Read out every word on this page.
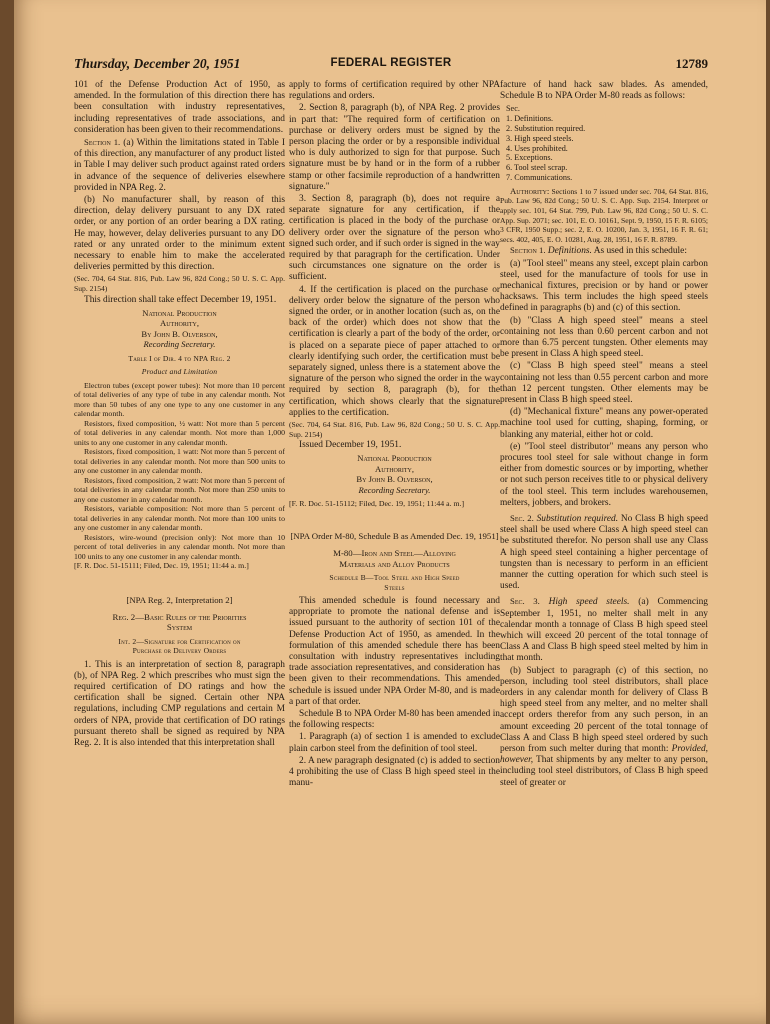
Thursday, December 20, 1951	FEDERAL REGISTER	12789

101 of the Defense Production Act of 1950, as amended. In the formulation of this direction there has been consultation with industry representatives, including representatives of trade associations, and consideration has been given to their recommendations.

Section 1. (a) Within the limitations stated in Table I of this direction, any manufacturer of any product listed in Table I may deliver such product against rated orders in advance of the sequence of deliveries elsewhere provided in NPA Reg. 2.

(b) No manufacturer shall, by reason of this direction, delay delivery pursuant to any DX rated order, or any portion of an order bearing a DX rating. He may, however, delay deliveries pursuant to any DO rated or any unrated order to the minimum extent necessary to enable him to make the accelerated deliveries permitted by this direction.

(Sec. 704, 64 Stat. 816, Pub. Law 96, 82d Cong.; 50 U. S. C. App. Sup. 2154)

This direction shall take effect December 19, 1951.

National Production
Authority,
By John B. Olverson,
Recording Secretary.
Table I of Dir. 4 to NPA Reg. 2
Product and Limitation

Electron tubes (except power tubes): Not more than 10 percent of total deliveries of any type of tube in any calendar month. Not more than 50 tubes of any one type to any one customer in any calendar month.

Resistors, fixed composition, ½ watt: Not more than 5 percent of total deliveries in any calendar month. Not more than 1,000 units to any one customer in any calendar month.

Resistors, fixed composition, 1 watt: Not more than 5 percent of total deliveries in any calendar month. Not more than 500 units to any one customer in any calendar month.

Resistors, fixed composition, 2 watt: Not more than 5 percent of total deliveries in any calendar month. Not more than 250 units to any one customer in any calendar month.

Resistors, variable composition: Not more than 5 percent of total deliveries in any calendar month. Not more than 100 units to any one customer in any calendar month.

Resistors, wire-wound (precision only): Not more than 10 percent of total deliveries in any calendar month. Not more than 100 units to any one customer in any calendar month.

[F. R. Doc. 51-15111; Filed, Dec. 19, 1951; 11:44 a. m.]

[NPA Reg. 2, Interpretation 2]
Reg. 2—Basic Rules of the Priorities
System
Int. 2—Signature for Certification on
Purchase or Delivery Orders

1. This is an interpretation of section 8, paragraph (b), of NPA Reg. 2 which prescribes who must sign the required certification of DO ratings and how the certification shall be signed. Certain other NPA regulations, including CMP regulations and certain M orders of NPA, provide that certification of DO ratings pursuant thereto shall be signed as required by NPA Reg. 2. It is also intended that this interpretation shall

apply to forms of certification required by other NPA regulations and orders.

2. Section 8, paragraph (b), of NPA Reg. 2 provides in part that: "The required form of certification on purchase or delivery orders must be signed by the person placing the order or by a responsible individual who is duly authorized to sign for that purpose. Such signature must be by hand or in the form of a rubber stamp or other facsimile reproduction of a handwritten signature."

3. Section 8, paragraph (b), does not require a separate signature for any certification, if the certification is placed in the body of the purchase or delivery order over the signature of the person who signed such order, and if such order is signed in the way required by that paragraph for the certification. Under such circumstances one signature on the order is sufficient.

4. If the certification is placed on the purchase or delivery order below the signature of the person who signed the order, or in another location (such as, on the back of the order) which does not show that the certification is clearly a part of the body of the order, or is placed on a separate piece of paper attached to or clearly identifying such order, the certification must be separately signed, unless there is a statement above the signature of the person who signed the order in the way required by section 8, paragraph (b), for the certification, which shows clearly that the signature applies to the certification.

(Sec. 704, 64 Stat. 816, Pub. Law 96, 82d Cong.; 50 U. S. C. App. Sup. 2154)

Issued December 19, 1951.

National Production
Authority,
By John B. Olverson,
Recording Secretary.

[F. R. Doc. 51-15112; Filed, Dec. 19, 1951; 11:44 a. m.]

[NPA Order M-80, Schedule B as Amended Dec. 19, 1951]
M-80—Iron and Steel—Alloying
Materials and Alloy Products
Schedule B—Tool Steel and High Speed
Steels

This amended schedule is found necessary and appropriate to promote the national defense and is issued pursuant to the authority of section 101 of the Defense Production Act of 1950, as amended. In the formulation of this amended schedule there has been consultation with industry representatives including trade association representatives, and consideration has been given to their recommendations. This amended schedule is issued under NPA Order M-80, and is made a part of that order.

Schedule B to NPA Order M-80 has been amended in the following respects:

1. Paragraph (a) of section 1 is amended to exclude plain carbon steel from the definition of tool steel.

2. A new paragraph designated (c) is added to section 4 prohibiting the use of Class B high speed steel in the manu-

facture of hand hack saw blades. As amended, Schedule B to NPA Order M-80 reads as follows:

Sec.
1. Definitions.
2. Substitution required.
3. High speed steels.
4. Uses prohibited.
5. Exceptions.
6. Tool steel scrap.
7. Communications.

Authority: Sections 1 to 7 issued under sec. 704, 64 Stat. 816, Pub. Law 96, 82d Cong.; 50 U. S. C. App. Sup. 2154. Interpret or apply sec. 101, 64 Stat. 799, Pub. Law 96, 82d Cong.; 50 U. S. C. App. Sup. 2071; sec. 101, E. O. 10161, Sept. 9, 1950, 15 F. R. 6105; 3 CFR, 1950 Supp.; sec. 2, E. O. 10200, Jan. 3, 1951, 16 F. R. 61; secs. 402, 405, E. O. 10281, Aug. 28, 1951, 16 F. R. 8789.

Section 1. Definitions. As used in this schedule:

(a) "Tool steel" means any steel, except plain carbon steel, used for the manufacture of tools for use in mechanical fixtures, precision or by hand or power hacksaws. This term includes the high speed steels defined in paragraphs (b) and (c) of this section.

(b) "Class A high speed steel" means a steel containing not less than 0.60 percent carbon and not more than 6.75 percent tungsten. Other elements may be present in Class A high speed steel.

(c) "Class B high speed steel" means a steel containing not less than 0.55 percent carbon and more than 12 percent tungsten. Other elements may be present in Class B high speed steel.

(d) "Mechanical fixture" means any power-operated machine tool used for cutting, shaping, forming, or blanking any material, either hot or cold.

(e) "Tool steel distributor" means any person who procures tool steel for sale without change in form either from domestic sources or by importing, whether or not such person receives title to or physical delivery of the tool steel. This term includes warehousemen, melters, jobbers, and brokers.

Sec. 2. Substitution required. No Class B high speed steel shall be used where Class A high speed steel can be substituted therefor. No person shall use any Class A high speed steel containing a higher percentage of tungsten than is necessary to perform in an efficient manner the cutting operation for which such steel is used.

Sec. 3. High speed steels. (a) Commencing September 1, 1951, no melter shall melt in any calendar month a tonnage of Class B high speed steel which will exceed 20 percent of the total tonnage of Class A and Class B high speed steel melted by him in that month.

(b) Subject to paragraph (c) of this section, no person, including tool steel distributors, shall place orders in any calendar month for delivery of Class B high speed steel from any melter, and no melter shall accept orders therefor from any such person, in an amount exceeding 20 percent of the total tonnage of Class A and Class B high speed steel ordered by such person from such melter during that month: Provided, however, That shipments by any melter to any person, including tool steel distributors, of Class B high speed steel of greater or
